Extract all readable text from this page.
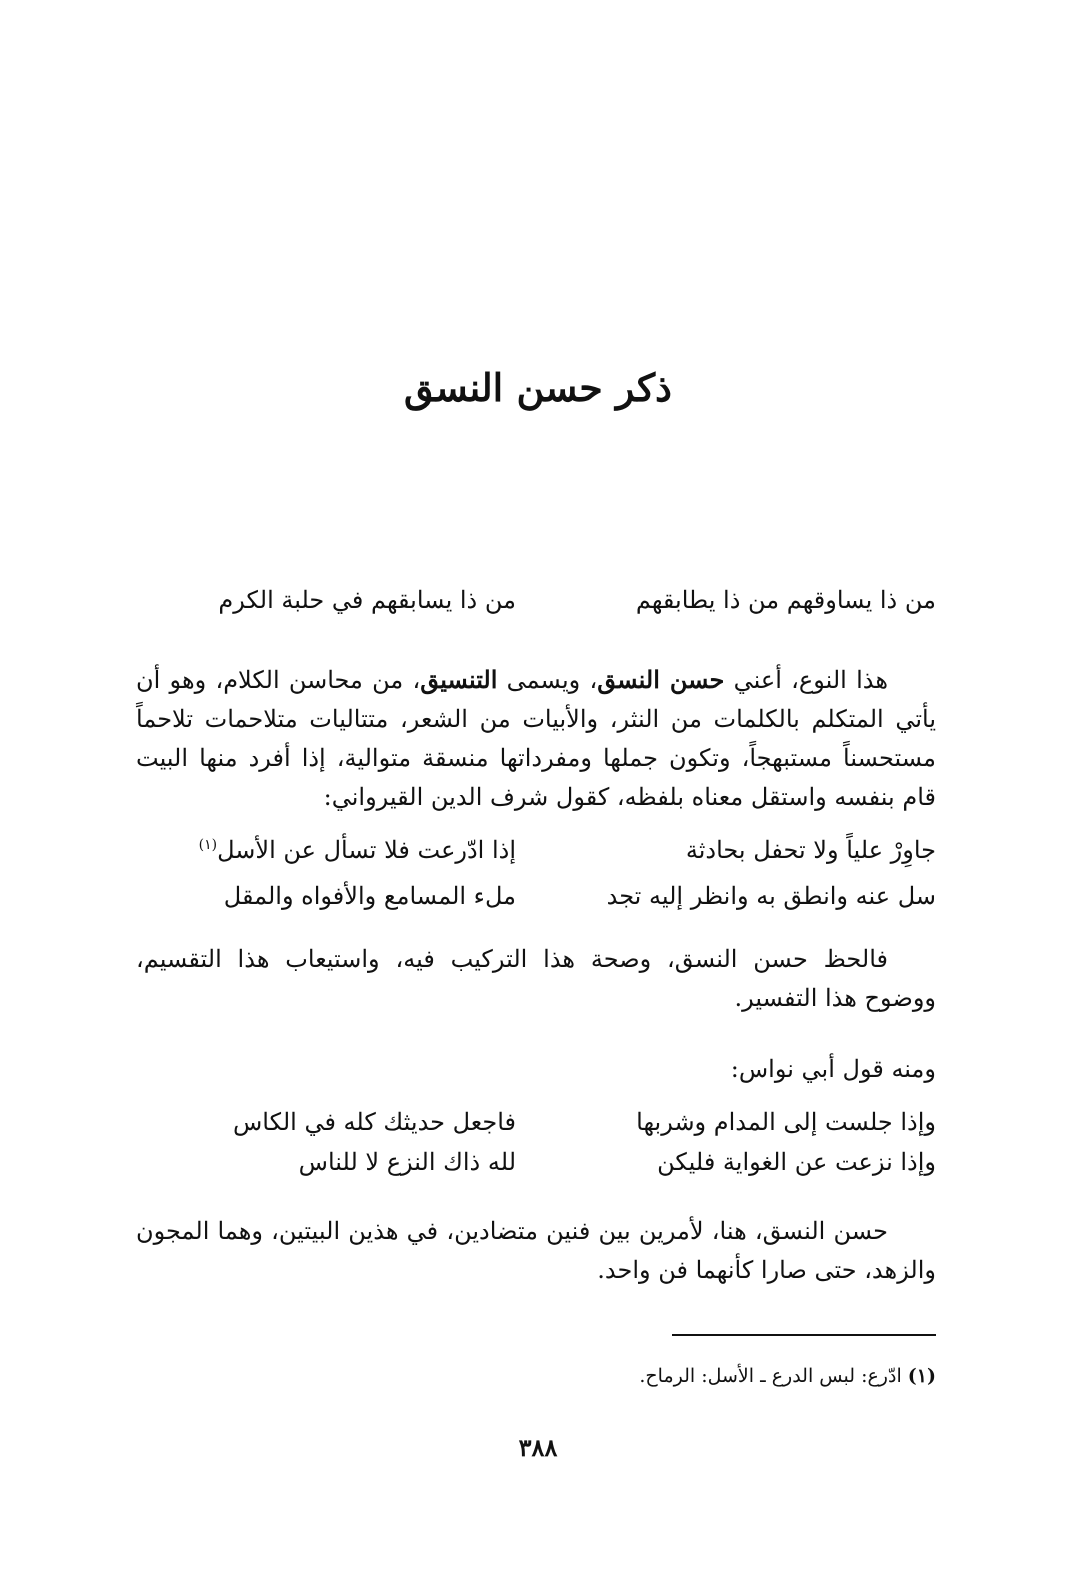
ذكر حسن النسق
من ذا يساوقهم من ذا يطابقهم
من ذا يسابقهم في حلبة الكرم
هذا النوع، أعني حسن النسق، ويسمى التنسيق، من محاسن الكلام، وهو أن يأتي المتكلم بالكلمات من النثر، والأبيات من الشعر، متتاليات متلاحمات تلاحماً مستحسناً مستبهجاً، وتكون جملها ومفرداتها منسقة متوالية، إذا أفرد منها البيت قام بنفسه واستقل معناه بلفظه، كقول شرف الدين القيرواني:
جاوِرْ علياً ولا تحفل بحادثة
إذا ادّرعت فلا تسأل عن الأسل$^{(١)}$
سل عنه وانطق به وانظر إليه تجد
ملء المسامع والأفواه والمقل
فالحظ حسن النسق، وصحة هذا التركيب فيه، واستيعاب هذا التقسيم، ووضوح هذا التفسير.
ومنه قول أبي نواس:
وإذا جلست إلى المدام وشربها
فاجعل حديثك كله في الكاس
وإذا نزعت عن الغواية فليكن
لله ذاك النزع لا للناس
حسن النسق، هنا، لأمرين بين فنين متضادين، في هذين البيتين، وهما المجون والزهد، حتى صارا كأنهما فن واحد.
(١) ادّرع: لبس الدرع ـ الأسل: الرماح.
٣٨٨
